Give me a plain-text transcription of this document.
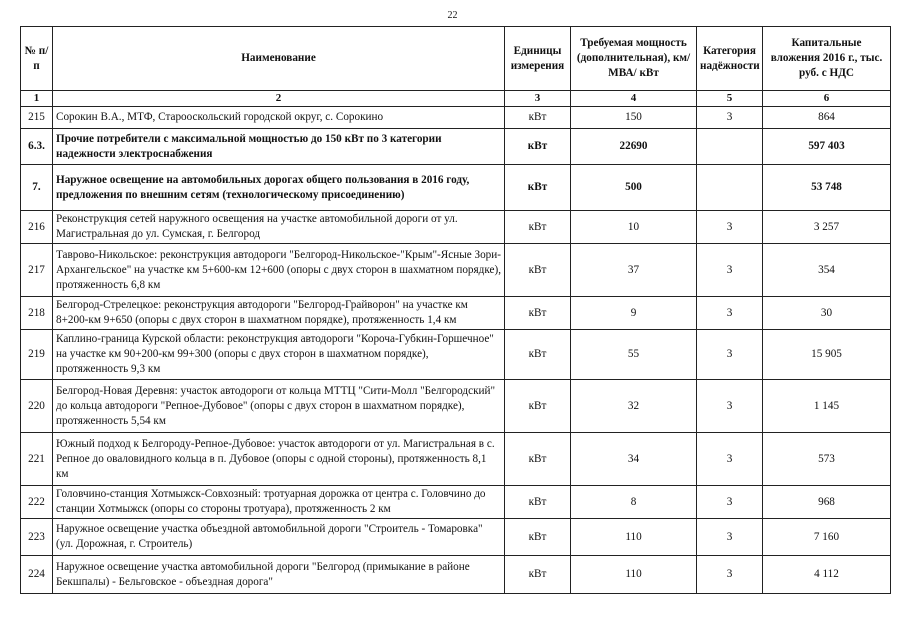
22
№ п/п	Наименование	Единицы измерения	Требуемая мощность (дополнительная), км/ МВА/ кВт	Категория надёжности	Капитальные вложения 2016 г., тыс. руб. с НДС
1	2	3	4	5	6
215	Сорокин В.А., МТФ, Старооскольский городской округ, с. Сорокино	кВт	150	3	864
6.3.	Прочие потребители с максимальной мощностью до 150 кВт по 3 категории надежности электроснабжения	кВт	22690		597 403
7.	Наружное освещение на автомобильных дорогах общего пользования в 2016 году, предложения по внешним сетям (технологическому присоединению)	кВт	500		53 748
216	Реконструкция сетей наружного освещения на участке автомобильной дороги от ул. Магистральная до ул. Сумская, г. Белгород	кВт	10	3	3 257
217	Таврово-Никольское: реконструкция автодороги "Белгород-Никольское-"Крым"-Ясные Зори-Архангельское" на участке км 5+600-км 12+600 (опоры с двух сторон в шахматном порядке), протяженность 6,8 км	кВт	37	3	354
218	Белгород-Стрелецкое: реконструкция автодороги "Белгород-Грайворон" на участке км 8+200-км 9+650 (опоры с двух сторон в шахматном порядке), протяженность 1,4 км	кВт	9	3	30
219	Каплино-граница Курской области: реконструкция автодороги "Короча-Губкин-Горшечное" на участке км 90+200-км 99+300 (опоры с двух сторон в шахматном порядке), протяженность 9,3 км	кВт	55	3	15 905
220	Белгород-Новая Деревня: участок автодороги от кольца МТТЦ "Сити-Молл "Белгородский" до кольца автодороги "Репное-Дубовое" (опоры с двух сторон в шахматном порядке), протяженность 5,54 км	кВт	32	3	1 145
221	Южный подход к Белгороду-Репное-Дубовое: участок автодороги от ул. Магистральная в с. Репное до оваловидного кольца в п. Дубовое (опоры с одной стороны), протяженность 8,1 км	кВт	34	3	573
222	Головчино-станция Хотмыжск-Совхозный: тротуарная дорожка от центра с. Головчино до станции Хотмыжск (опоры со стороны тротуара), протяженность 2 км	кВт	8	3	968
223	Наружное освещение участка объездной автомобильной дороги "Строитель - Томаровка" (ул. Дорожная, г. Строитель)	кВт	110	3	7 160
224	Наружное освещение участка автомобильной дороги "Белгород (примыкание в районе Бекшпалы) - Бельговское - объездная дорога"	кВт	110	3	4 112
